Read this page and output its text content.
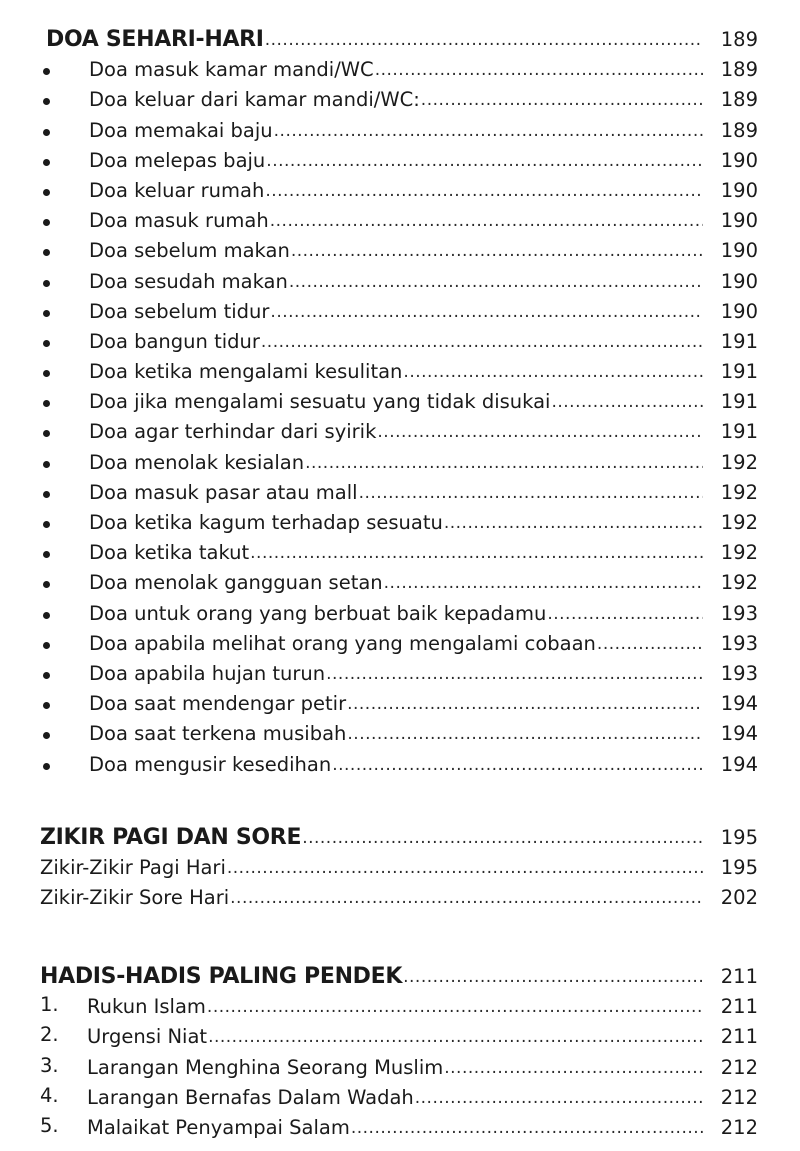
DOA SEHARI-HARI .....	189
Doa masuk kamar mandi/WC .....	189
Doa keluar dari kamar mandi/WC: .....	189
Doa memakai baju .....	189
Doa melepas baju .....	190
Doa keluar rumah .....	190
Doa masuk rumah .....	190
Doa sebelum makan .....	190
Doa sesudah makan .....	190
Doa sebelum tidur .....	190
Doa bangun tidur .....	191
Doa ketika mengalami kesulitan .....	191
Doa jika mengalami sesuatu yang tidak disukai .....	191
Doa agar terhindar dari syirik .....	191
Doa menolak kesialan .....	192
Doa masuk pasar atau mall .....	192
Doa ketika kagum terhadap sesuatu .....	192
Doa ketika takut .....	192
Doa menolak gangguan setan .....	192
Doa untuk orang yang berbuat baik kepadamu .....	193
Doa apabila melihat orang yang mengalami cobaan .....	193
Doa apabila hujan turun .....	193
Doa saat mendengar petir .....	194
Doa saat terkena musibah .....	194
Doa mengusir kesedihan .....	194
ZIKIR PAGI DAN SORE .....	195
Zikir-Zikir Pagi Hari .....	195
Zikir-Zikir Sore Hari .....	202
HADIS-HADIS PALING PENDEK .....	211
1. Rukun Islam .....	211
2. Urgensi Niat .....	211
3. Larangan Menghina Seorang Muslim .....	212
4. Larangan Bernafas Dalam Wadah .....	212
5. Malaikat Penyampai Salam .....	212
